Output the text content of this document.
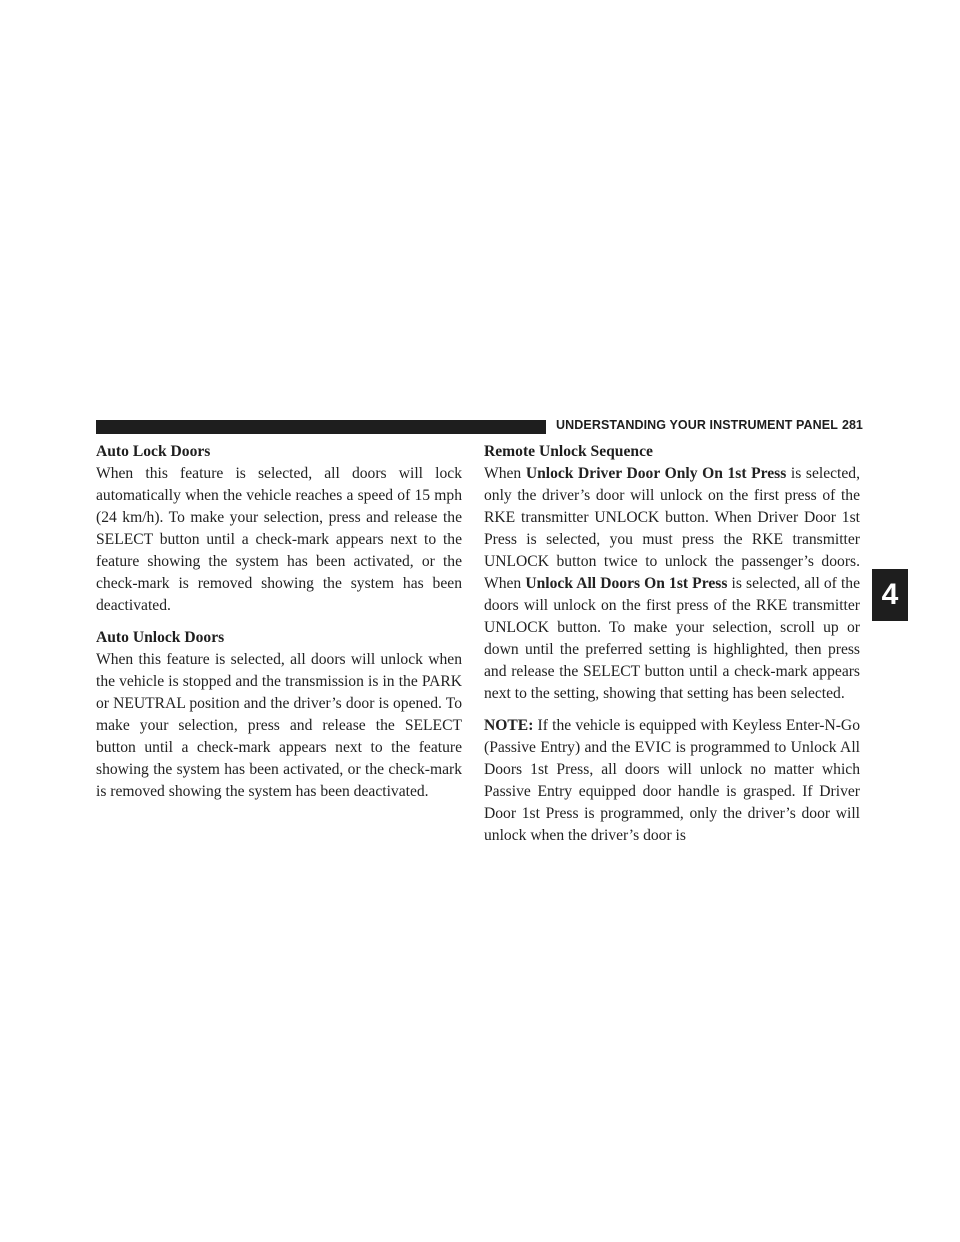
UNDERSTANDING YOUR INSTRUMENT PANEL 281
4
Auto Lock Doors

When this feature is selected, all doors will lock automatically when the vehicle reaches a speed of 15 mph (24 km/h). To make your selection, press and release the SELECT button until a check-mark appears next to the feature showing the system has been activated, or the check-mark is removed showing the system has been deactivated.

Auto Unlock Doors

When this feature is selected, all doors will unlock when the vehicle is stopped and the transmission is in the PARK or NEUTRAL position and the driver’s door is opened. To make your selection, press and release the SELECT button until a check-mark appears next to the feature showing the system has been activated, or the check-mark is removed showing the system has been deactivated.

Remote Unlock Sequence

When Unlock Driver Door Only On 1st Press is selected, only the driver’s door will unlock on the first press of the RKE transmitter UNLOCK button. When Driver Door 1st Press is selected, you must press the RKE transmitter UNLOCK button twice to unlock the passenger’s doors. When Unlock All Doors On 1st Press is selected, all of the doors will unlock on the first press of the RKE transmitter UNLOCK button. To make your selection, scroll up or down until the preferred setting is highlighted, then press and release the SELECT button until a check-mark appears next to the setting, showing that setting has been selected.

NOTE: If the vehicle is equipped with Keyless Enter-N-Go (Passive Entry) and the EVIC is programmed to Unlock All Doors 1st Press, all doors will unlock no matter which Passive Entry equipped door handle is grasped. If Driver Door 1st Press is programmed, only the driver’s door will unlock when the driver’s door is
